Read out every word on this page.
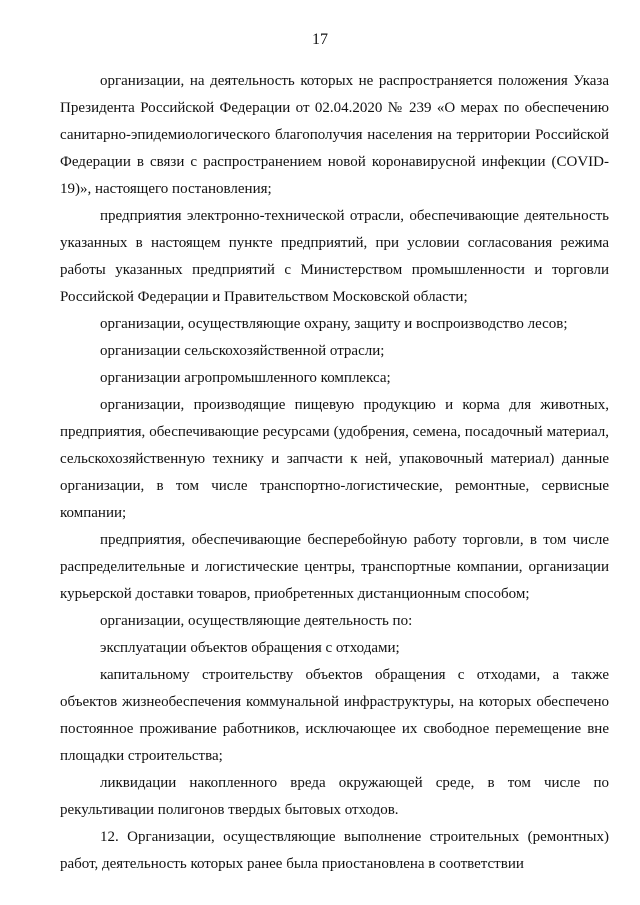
17

организации, на деятельность которых не распространяется положения Указа Президента Российской Федерации от 02.04.2020 № 239 «О мерах по обеспечению санитарно-эпидемиологического благополучия населения на территории Российской Федерации в связи с распространением новой коронавирусной инфекции (COVID-19)», настоящего постановления;

предприятия электронно-технической отрасли, обеспечивающие деятельность указанных в настоящем пункте предприятий, при условии согласования режима работы указанных предприятий с Министерством промышленности и торговли Российской Федерации и Правительством Московской области;

организации, осуществляющие охрану, защиту и воспроизводство лесов;

организации сельскохозяйственной отрасли;

организации агропромышленного комплекса;

организации, производящие пищевую продукцию и корма для животных, предприятия, обеспечивающие ресурсами (удобрения, семена, посадочный материал, сельскохозяйственную технику и запчасти к ней, упаковочный материал) данные организации, в том числе транспортно-логистические, ремонтные, сервисные компании;

предприятия, обеспечивающие бесперебойную работу торговли, в том числе распределительные и логистические центры, транспортные компании, организации курьерской доставки товаров, приобретенных дистанционным способом;

организации, осуществляющие деятельность по:

эксплуатации объектов обращения с отходами;

капитальному строительству объектов обращения с отходами, а также объектов жизнеобеспечения коммунальной инфраструктуры, на которых обеспечено постоянное проживание работников, исключающее их свободное перемещение вне площадки строительства;

ликвидации накопленного вреда окружающей среде, в том числе по рекультивации полигонов твердых бытовых отходов.

12. Организации, осуществляющие выполнение строительных (ремонтных) работ, деятельность которых ранее была приостановлена в соответствии
